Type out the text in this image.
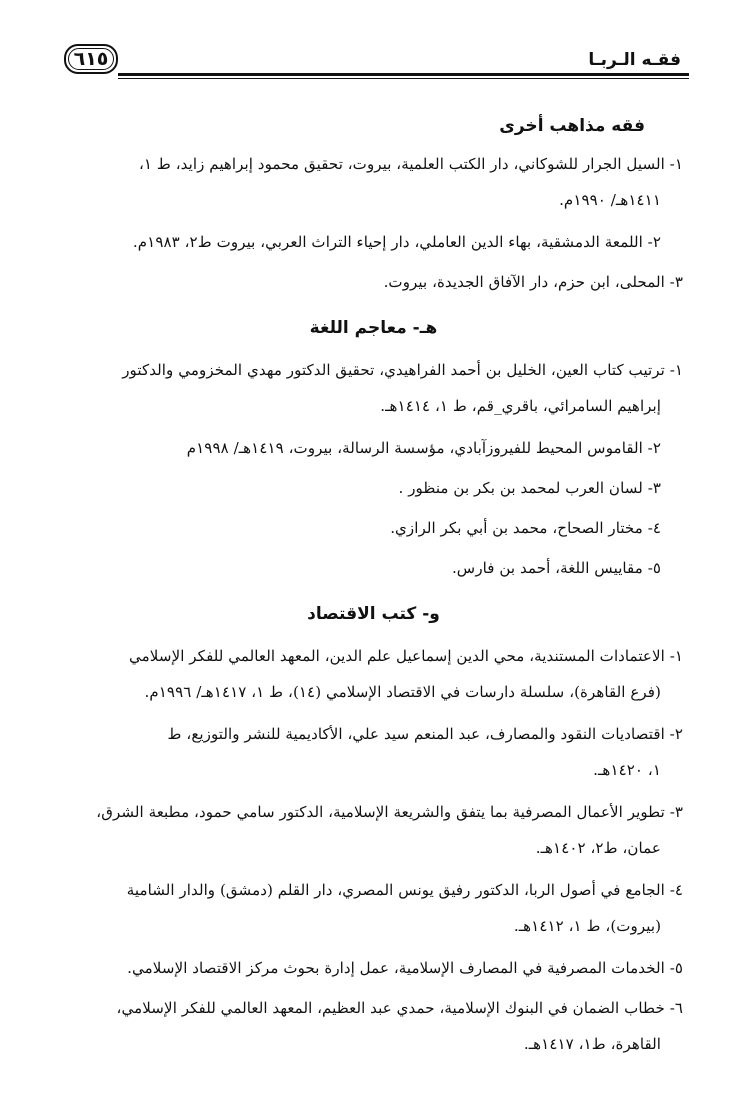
فقـه الـربـا
٦١٥
فقه مذاهب أخرى

١- السيل الجرار للشوكاني، دار الكتب العلمية، بيروت، تحقيق محمود إبراهيم زايد، ط ١،
١٤١١هـ/ ١٩٩٠م.

٢- اللمعة الدمشقية، بهاء الدين العاملي، دار إحياء التراث العربي، بيروت ط٢، ١٩٨٣م.

٣- المحلى، ابن حزم، دار الآفاق الجديدة، بيروت.

هـ- معاجم اللغة

١- ترتيب كتاب العين، الخليل بن أحمد الفراهيدي، تحقيق الدكتور مهدي المخزومي والدكتور
إبراهيم السامرائي، باقري_قم، ط ١، ١٤١٤هـ.

٢- القاموس المحيط للفيروزآبادي، مؤسسة الرسالة، بيروت، ١٤١٩هـ/ ١٩٩٨م

٣- لسان العرب لمحمد بن بكر بن منظور .

٤- مختار الصحاح، محمد بن أبي بكر الرازي.

٥- مقاييس اللغة، أحمد بن فارس.

و- كتب الاقتصاد

١- الاعتمادات المستندية، محي الدين إسماعيل علم الدين، المعهد العالمي للفكر الإسلامي
(فرع القاهرة)، سلسلة دارسات في الاقتصاد الإسلامي (١٤)، ط ١، ١٤١٧هـ/ ١٩٩٦م.

٢- اقتصاديات النقود والمصارف، عبد المنعم سيد علي، الأكاديمية للنشر والتوزيع، ط
١، ١٤٢٠هـ.

٣- تطوير الأعمال المصرفية بما يتفق والشريعة الإسلامية، الدكتور سامي حمود، مطبعة الشرق،
عمان، ط٢، ١٤٠٢هـ.

٤- الجامع في أصول الربا، الدكتور رفيق يونس المصري، دار القلم (دمشق) والدار الشامية
(بيروت)، ط ١، ١٤١٢هـ.

٥- الخدمات المصرفية في المصارف الإسلامية، عمل إدارة بحوث مركز الاقتصاد الإسلامي.

٦- خطاب الضمان في البنوك الإسلامية، حمدي عبد العظيم، المعهد العالمي للفكر الإسلامي،
القاهرة، ط١، ١٤١٧هـ.
